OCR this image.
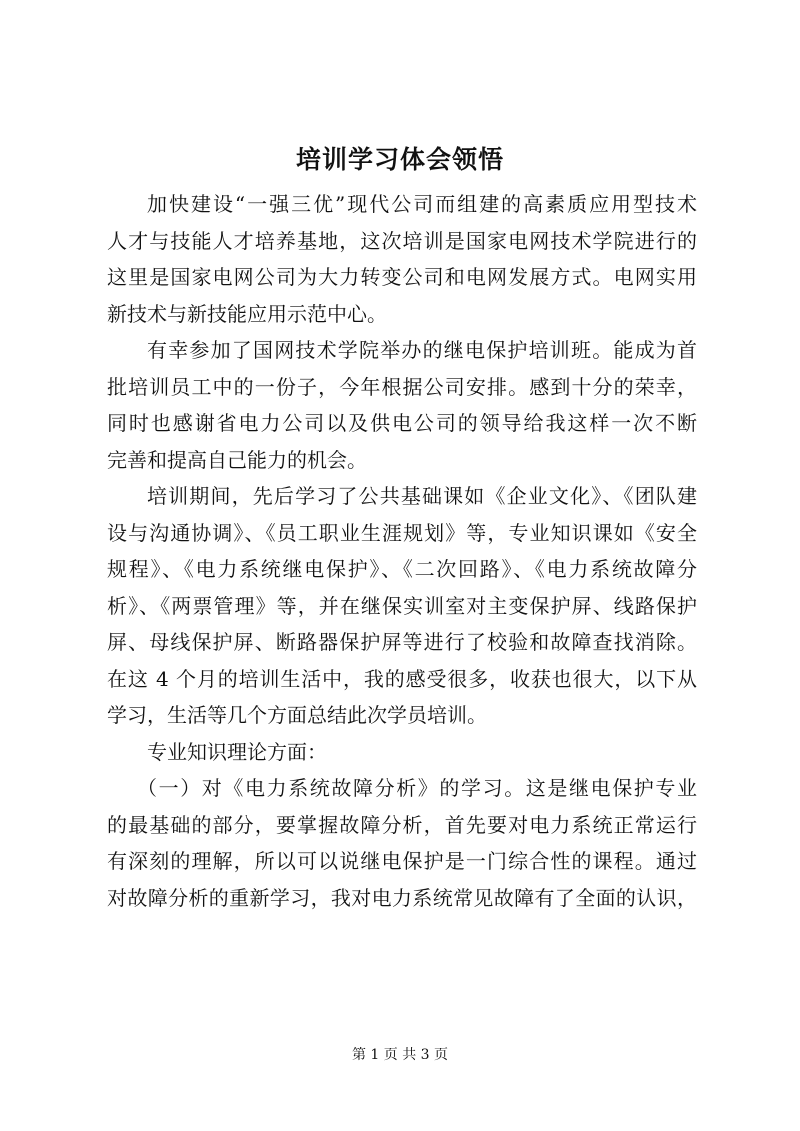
培训学习体会领悟

加快建设“一强三优”现代公司而组建的高素质应用型技术
人才与技能人才培养基地，这次培训是国家电网技术学院进行的
这里是国家电网公司为大力转变公司和电网发展方式。电网实用
新技术与新技能应用示范中心。

有幸参加了国网技术学院举办的继电保护培训班。能成为首
批培训员工中的一份子，今年根据公司安排。感到十分的荣幸，
同时也感谢省电力公司以及供电公司的领导给我这样一次不断
完善和提高自己能力的机会。

培训期间，先后学习了公共基础课如《企业文化》、《团队建
设与沟通协调》、《员工职业生涯规划》等，专业知识课如《安全
规程》、《电力系统继电保护》、《二次回路》、《电力系统故障分
析》、《两票管理》等，并在继保实训室对主变保护屏、线路保护
屏、母线保护屏、断路器保护屏等进行了校验和故障查找消除。
在这 4 个月的培训生活中，我的感受很多，收获也很大，以下从
学习，生活等几个方面总结此次学员培训。

专业知识理论方面：

（一）对《电力系统故障分析》的学习。这是继电保护专业
的最基础的部分，要掌握故障分析，首先要对电力系统正常运行
有深刻的理解，所以可以说继电保护是一门综合性的课程。通过
对故障分析的重新学习，我对电力系统常见故障有了全面的认识，

第 1 页 共 3 页
